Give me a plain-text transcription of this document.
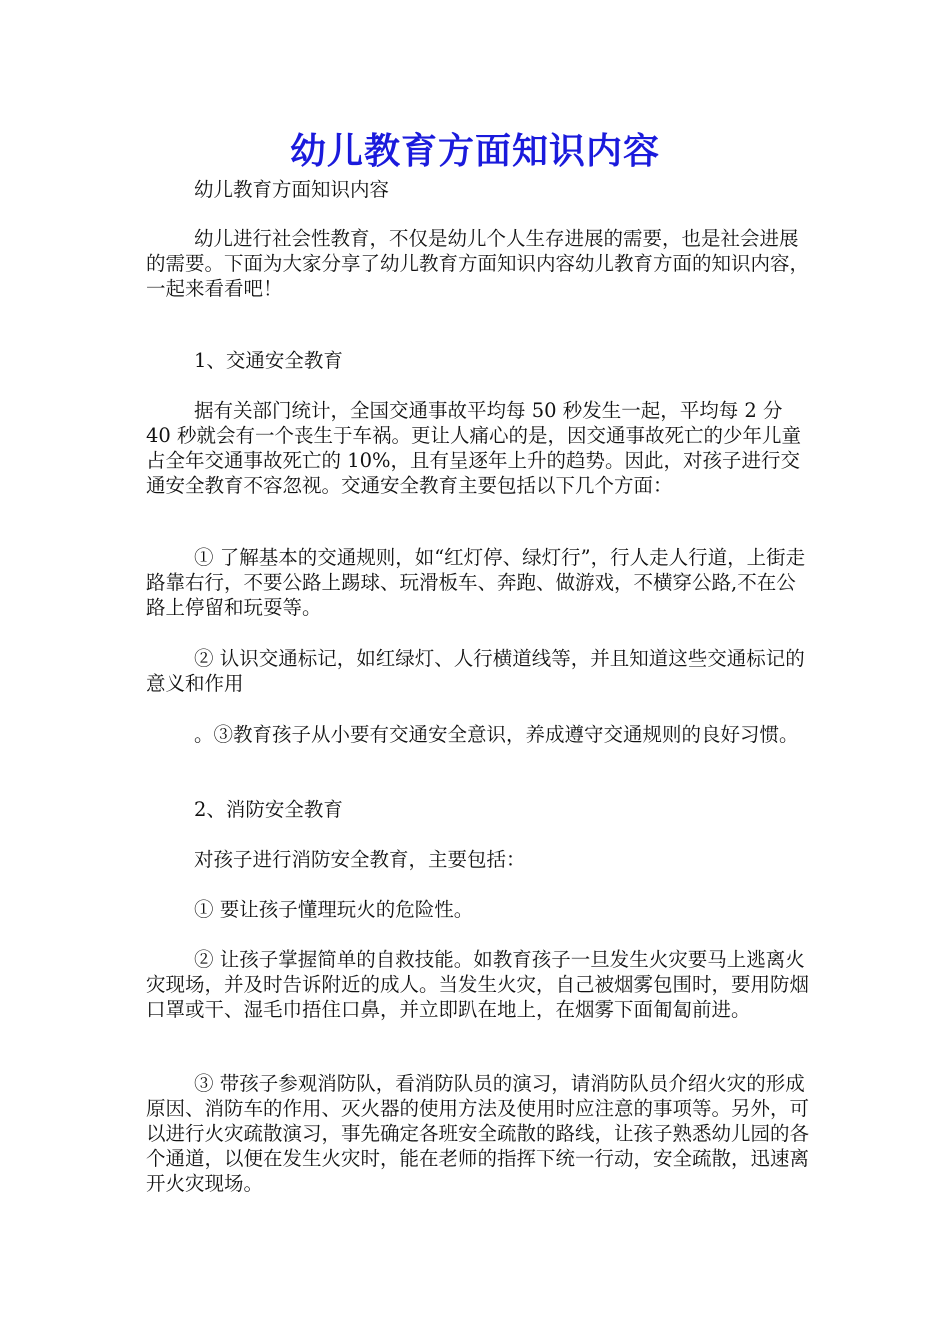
幼儿教育方面知识内容

幼儿教育方面知识内容

幼儿进行社会性教育，不仅是幼儿个人生存进展的需要，也是社会进展的需要。下面为大家分享了幼儿教育方面知识内容幼儿教育方面的知识内容，一起来看看吧！

1、交通安全教育

据有关部门统计，全国交通事故平均每 50 秒发生一起，平均每 2 分 40 秒就会有一个丧生于车祸。更让人痛心的是，因交通事故死亡的少年儿童占全年交通事故死亡的 10%，且有呈逐年上升的趋势。因此，对孩子进行交通安全教育不容忽视。交通安全教育主要包括以下几个方面：

① 了解基本的交通规则，如“红灯停、绿灯行”，行人走人行道，上街走路靠右行，不要公路上踢球、玩滑板车、奔跑、做游戏，不横穿公路,不在公路上停留和玩耍等。

② 认识交通标记，如红绿灯、人行横道线等，并且知道这些交通标记的意义和作用

。③教育孩子从小要有交通安全意识，养成遵守交通规则的良好习惯。

2、消防安全教育

对孩子进行消防安全教育，主要包括：

① 要让孩子懂理玩火的危险性。

② 让孩子掌握简单的自救技能。如教育孩子一旦发生火灾要马上逃离火灾现场，并及时告诉附近的成人。当发生火灾，自己被烟雾包围时，要用防烟口罩或干、湿毛巾捂住口鼻，并立即趴在地上，在烟雾下面匍匐前进。

③ 带孩子参观消防队，看消防队员的演习，请消防队员介绍火灾的形成原因、消防车的作用、灭火器的使用方法及使用时应注意的事项等。另外，可以进行火灾疏散演习，事先确定各班安全疏散的路线，让孩子熟悉幼儿园的各个通道，以便在发生火灾时，能在老师的指挥下统一行动，安全疏散，迅速离开火灾现场。
